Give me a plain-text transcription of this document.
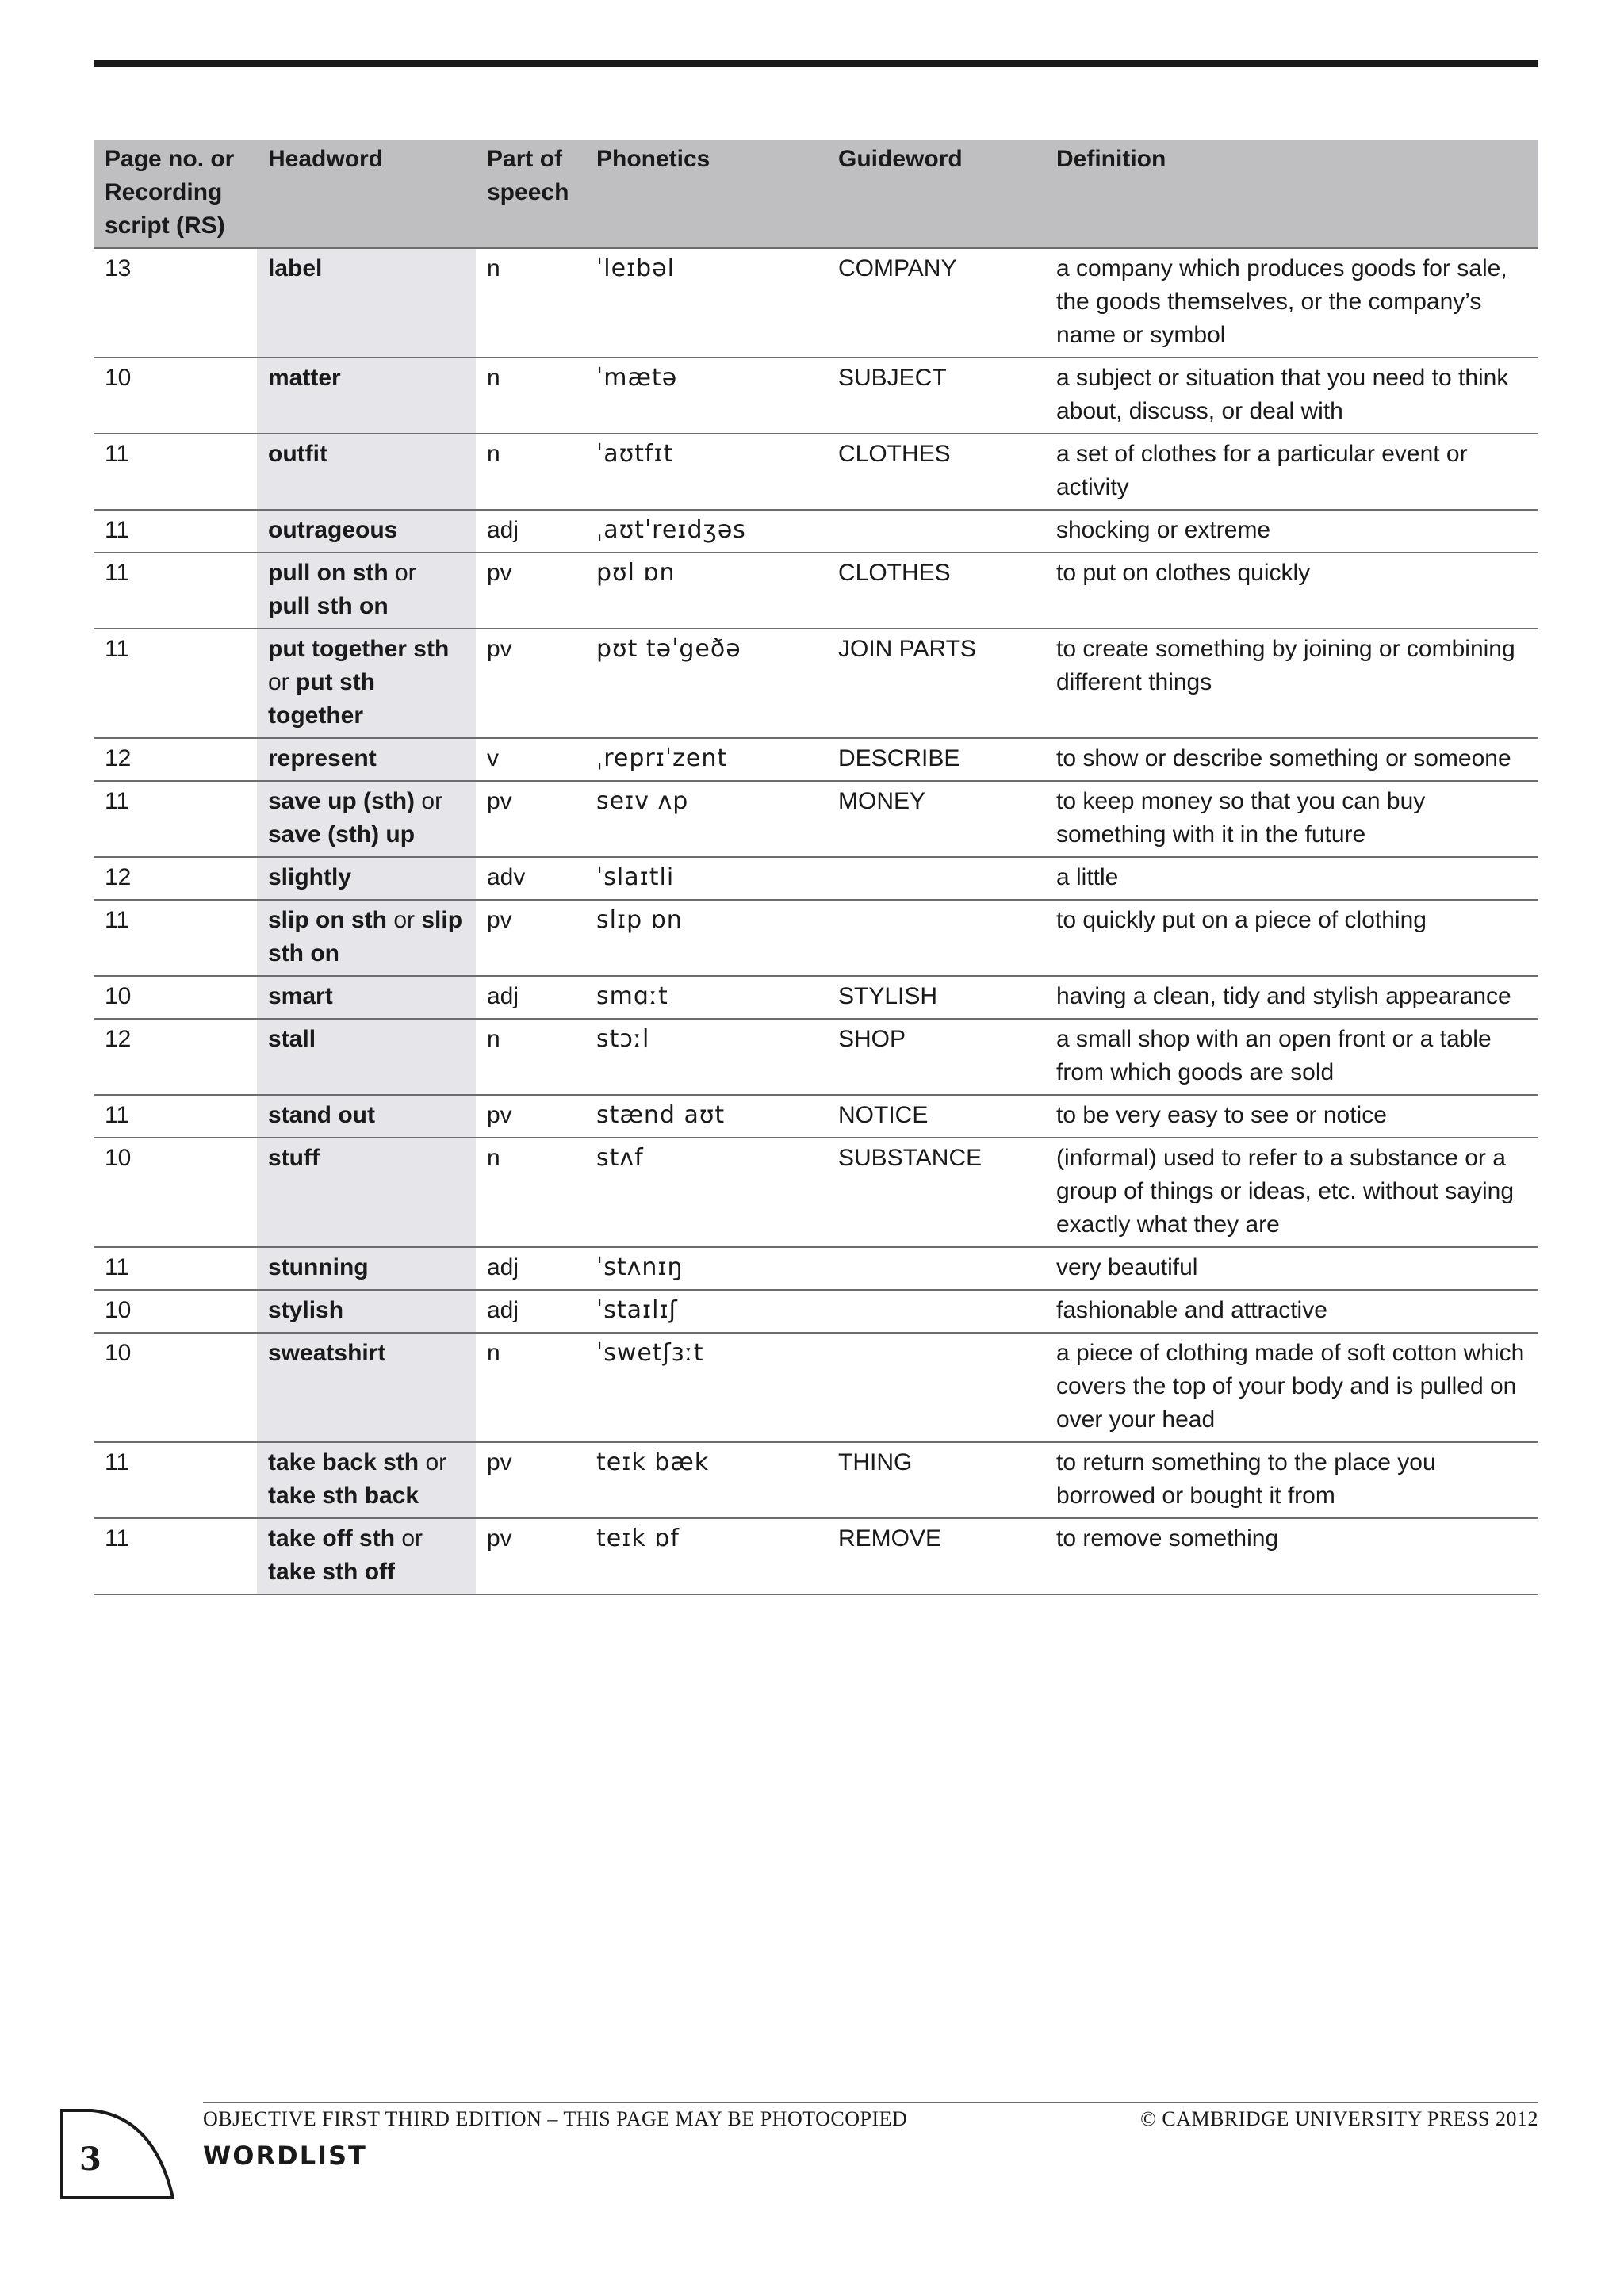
Page no. or Recording script (RS)	Headword	Part of speech	Phonetics	Guideword	Definition
13	label	n	ˈleɪbəl	COMPANY	a company which produces goods for sale, the goods themselves, or the company’s name or symbol
10	matter	n	ˈmætə	SUBJECT	a subject or situation that you need to think about, discuss, or deal with
11	outfit	n	ˈaʊtfɪt	CLOTHES	a set of clothes for a particular event or activity
11	outrageous	adj	ˌaʊtˈreɪdʒəs		shocking or extreme
11	pull on sth or pull sth on	pv	pʊl ɒn	CLOTHES	to put on clothes quickly
11	put together sth or put sth together	pv	pʊt təˈgeðə	JOIN PARTS	to create something by joining or combining different things
12	represent	v	ˌreprɪˈzent	DESCRIBE	to show or describe something or someone
11	save up (sth) or save (sth) up	pv	seɪv ʌp	MONEY	to keep money so that you can buy something with it in the future
12	slightly	adv	ˈslaɪtli		a little
11	slip on sth or slip sth on	pv	slɪp ɒn		to quickly put on a piece of clothing
10	smart	adj	smɑːt	STYLISH	having a clean, tidy and stylish appearance
12	stall	n	stɔːl	SHOP	a small shop with an open front or a table from which goods are sold
11	stand out	pv	stænd aʊt	NOTICE	to be very easy to see or notice
10	stuff	n	stʌf	SUBSTANCE	(informal) used to refer to a substance or a group of things or ideas, etc. without saying exactly what they are
11	stunning	adj	ˈstʌnɪŋ		very beautiful
10	stylish	adj	ˈstaɪlɪʃ		fashionable and attractive
10	sweatshirt	n	ˈswetʃɜːt		a piece of clothing made of soft cotton which covers the top of your body and is pulled on over your head
11	take back sth or take sth back	pv	teɪk bæk	THING	to return something to the place you borrowed or bought it from
11	take off sth or take sth off	pv	teɪk ɒf	REMOVE	to remove something
OBJECTIVE FIRST THIRD EDITION – THIS PAGE MAY BE PHOTOCOPIED	© CAMBRIDGE UNIVERSITY PRESS 2012
3	WORDLIST
